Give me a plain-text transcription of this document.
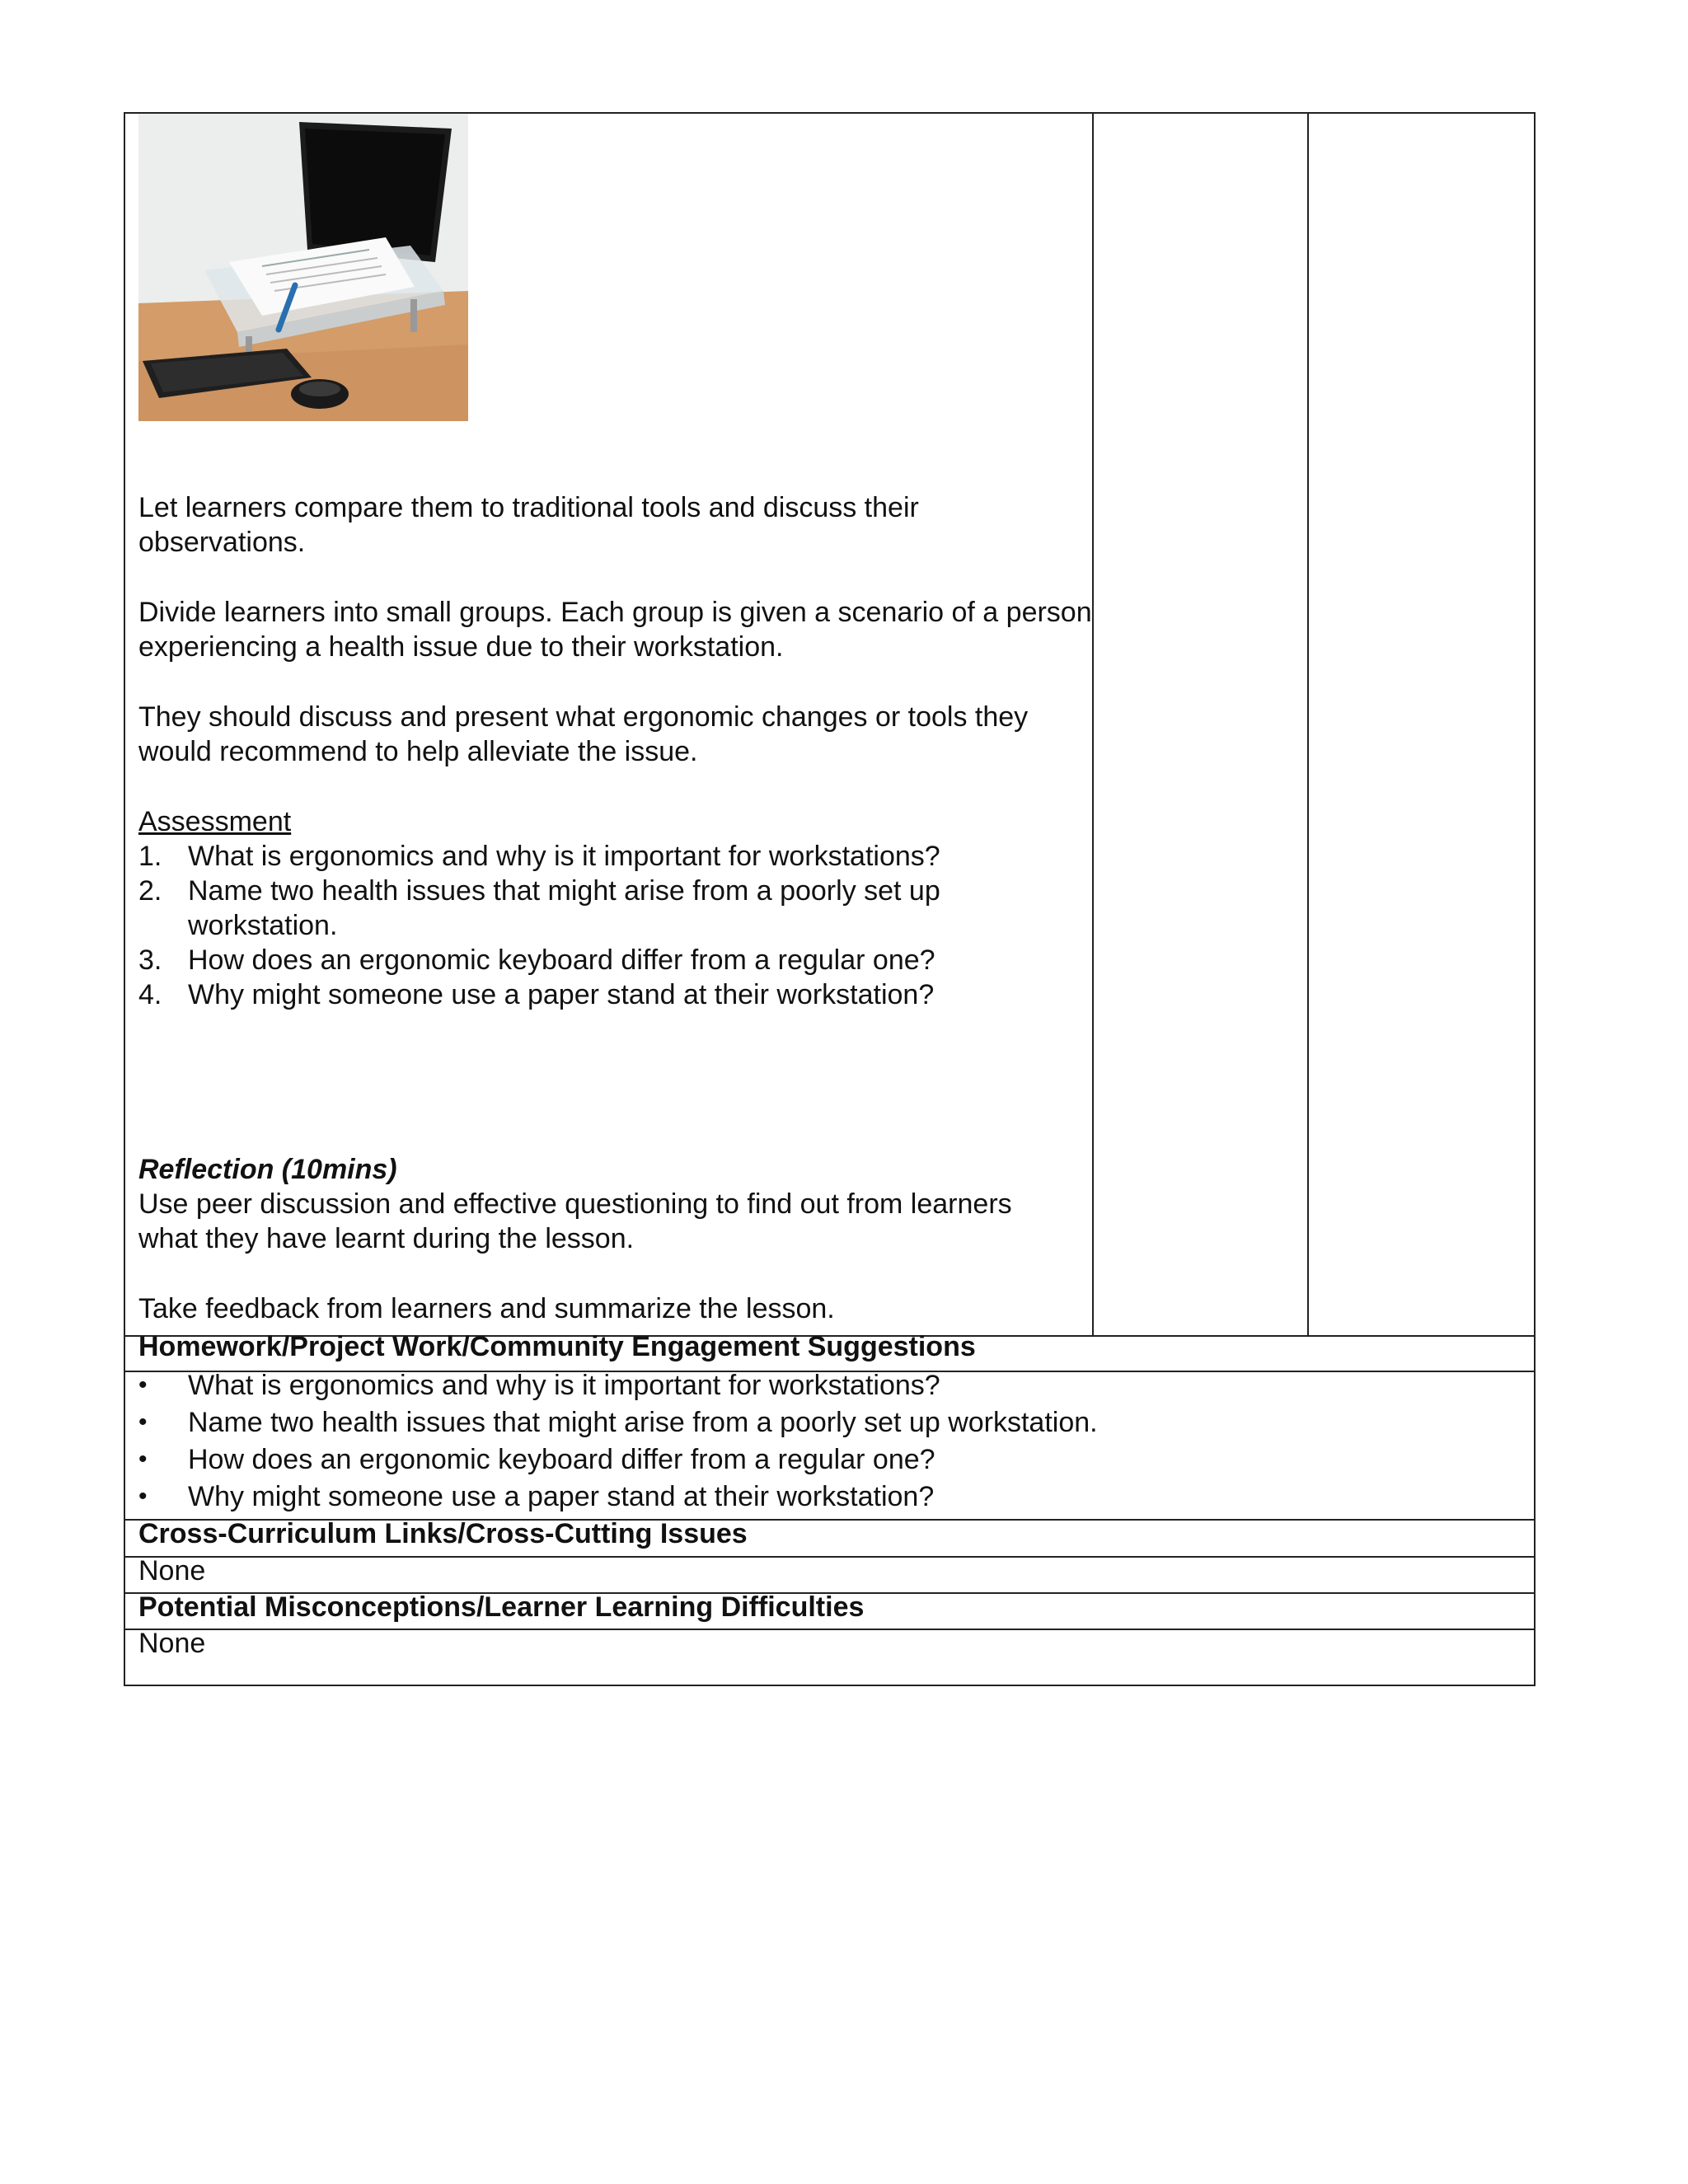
Let learners compare them to traditional tools and discuss their
observations.
Divide learners into small groups. Each group is given a scenario of a person
experiencing a health issue due to their workstation.
They should discuss and present what ergonomic changes or tools they
would recommend to help alleviate the issue.
Assessment
1. What is ergonomics and why is it important for workstations?
2. Name two health issues that might arise from a poorly set up
workstation.
3. How does an ergonomic keyboard differ from a regular one?
4. Why might someone use a paper stand at their workstation?
Reflection (10mins)
Use peer discussion and effective questioning to find out from learners
what they have learnt during the lesson.
Take feedback from learners and summarize the lesson.
Homework/Project Work/Community Engagement Suggestions
• What is ergonomics and why is it important for workstations?
• Name two health issues that might arise from a poorly set up workstation.
• How does an ergonomic keyboard differ from a regular one?
• Why might someone use a paper stand at their workstation?
Cross-Curriculum Links/Cross-Cutting Issues
None
Potential Misconceptions/Learner Learning Difficulties
None
